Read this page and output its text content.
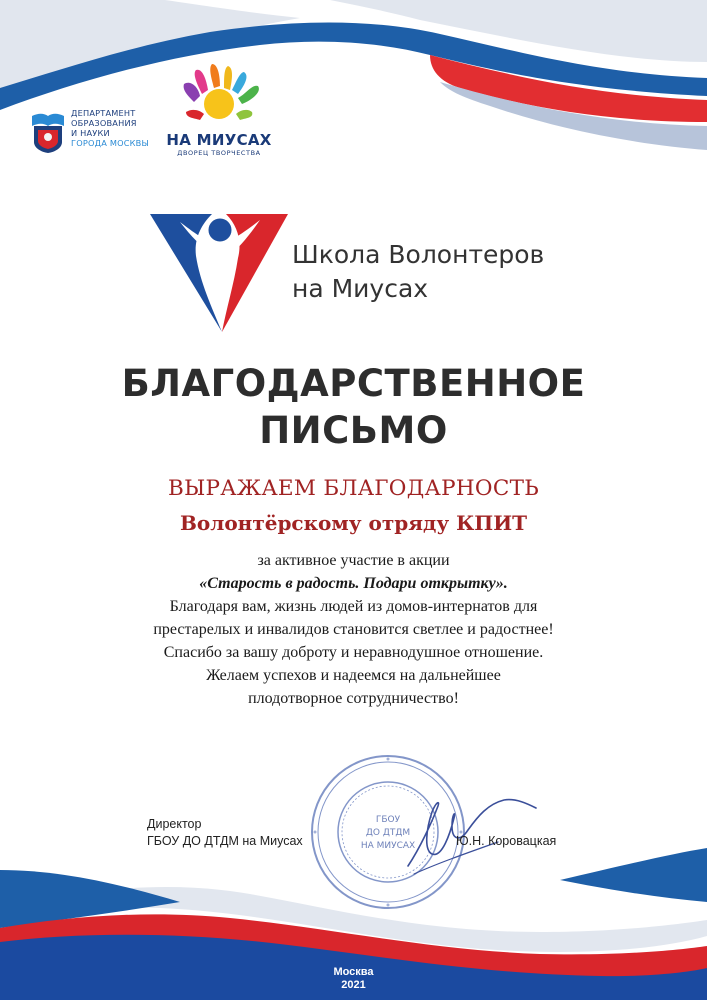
ДЕПАРТАМЕНТ
ОБРАЗОВАНИЯ
И НАУКИ
ГОРОДА МОСКВЫ НА МИУСАХ
ДВОРЕЦ ТВОРЧЕСТВА
Школа Волонтеров
на Миусах
БЛАГОДАРСТВЕННОЕ
ПИСЬМО
ВЫРАЖАЕМ БЛАГОДАРНОСТЬ
Волонтёрскому отряду КПИТ
за активное участие в акции
«Старость в радость. Подари открытку».
Благодаря вам, жизнь людей из домов-интернатов для
престарелых и инвалидов становится светлее и радостнее!
Спасибо за вашу доброту и неравнодушное отношение.
Желаем успехов и надеемся на дальнейшее
плодотворное сотрудничество!
ГБОУ
ДО ДТДМ
НА МИУСАХ
Директор
ГБОУ ДО ДТДМ на Миусах	Ю.Н. Коровацкая
Москва
2021
